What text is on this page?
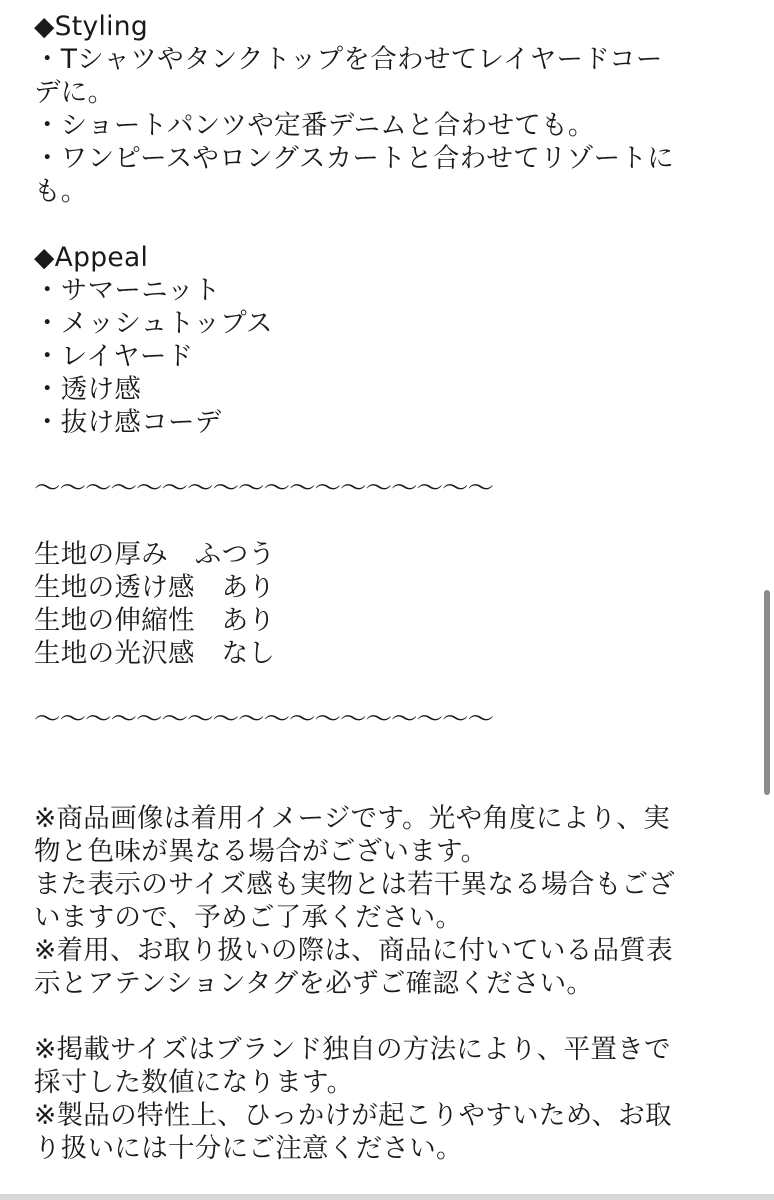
◆Styling
・Tシャツやタンクトップを合わせてレイヤードコー
デに。
・ショートパンツや定番デニムと合わせても。
・ワンピースやロングスカートと合わせてリゾートに
も。
◆Appeal
・サマーニット
・メッシュトップス
・レイヤード
・透け感
・抜け感コーデ
〜〜〜〜〜〜〜〜〜〜〜〜〜〜〜〜〜〜
生地の厚み　ふつう
生地の透け感　あり
生地の伸縮性　あり
生地の光沢感　なし
〜〜〜〜〜〜〜〜〜〜〜〜〜〜〜〜〜〜
※商品画像は着用イメージです。光や角度により、実
物と色味が異なる場合がございます。
また表示のサイズ感も実物とは若干異なる場合もござ
いますので、予めご了承ください。
※着用、お取り扱いの際は、商品に付いている品質表
示とアテンションタグを必ずご確認ください。
※掲載サイズはブランド独自の方法により、平置きで
採寸した数値になります。
※製品の特性上、ひっかけが起こりやすいため、お取
り扱いには十分にご注意ください。
